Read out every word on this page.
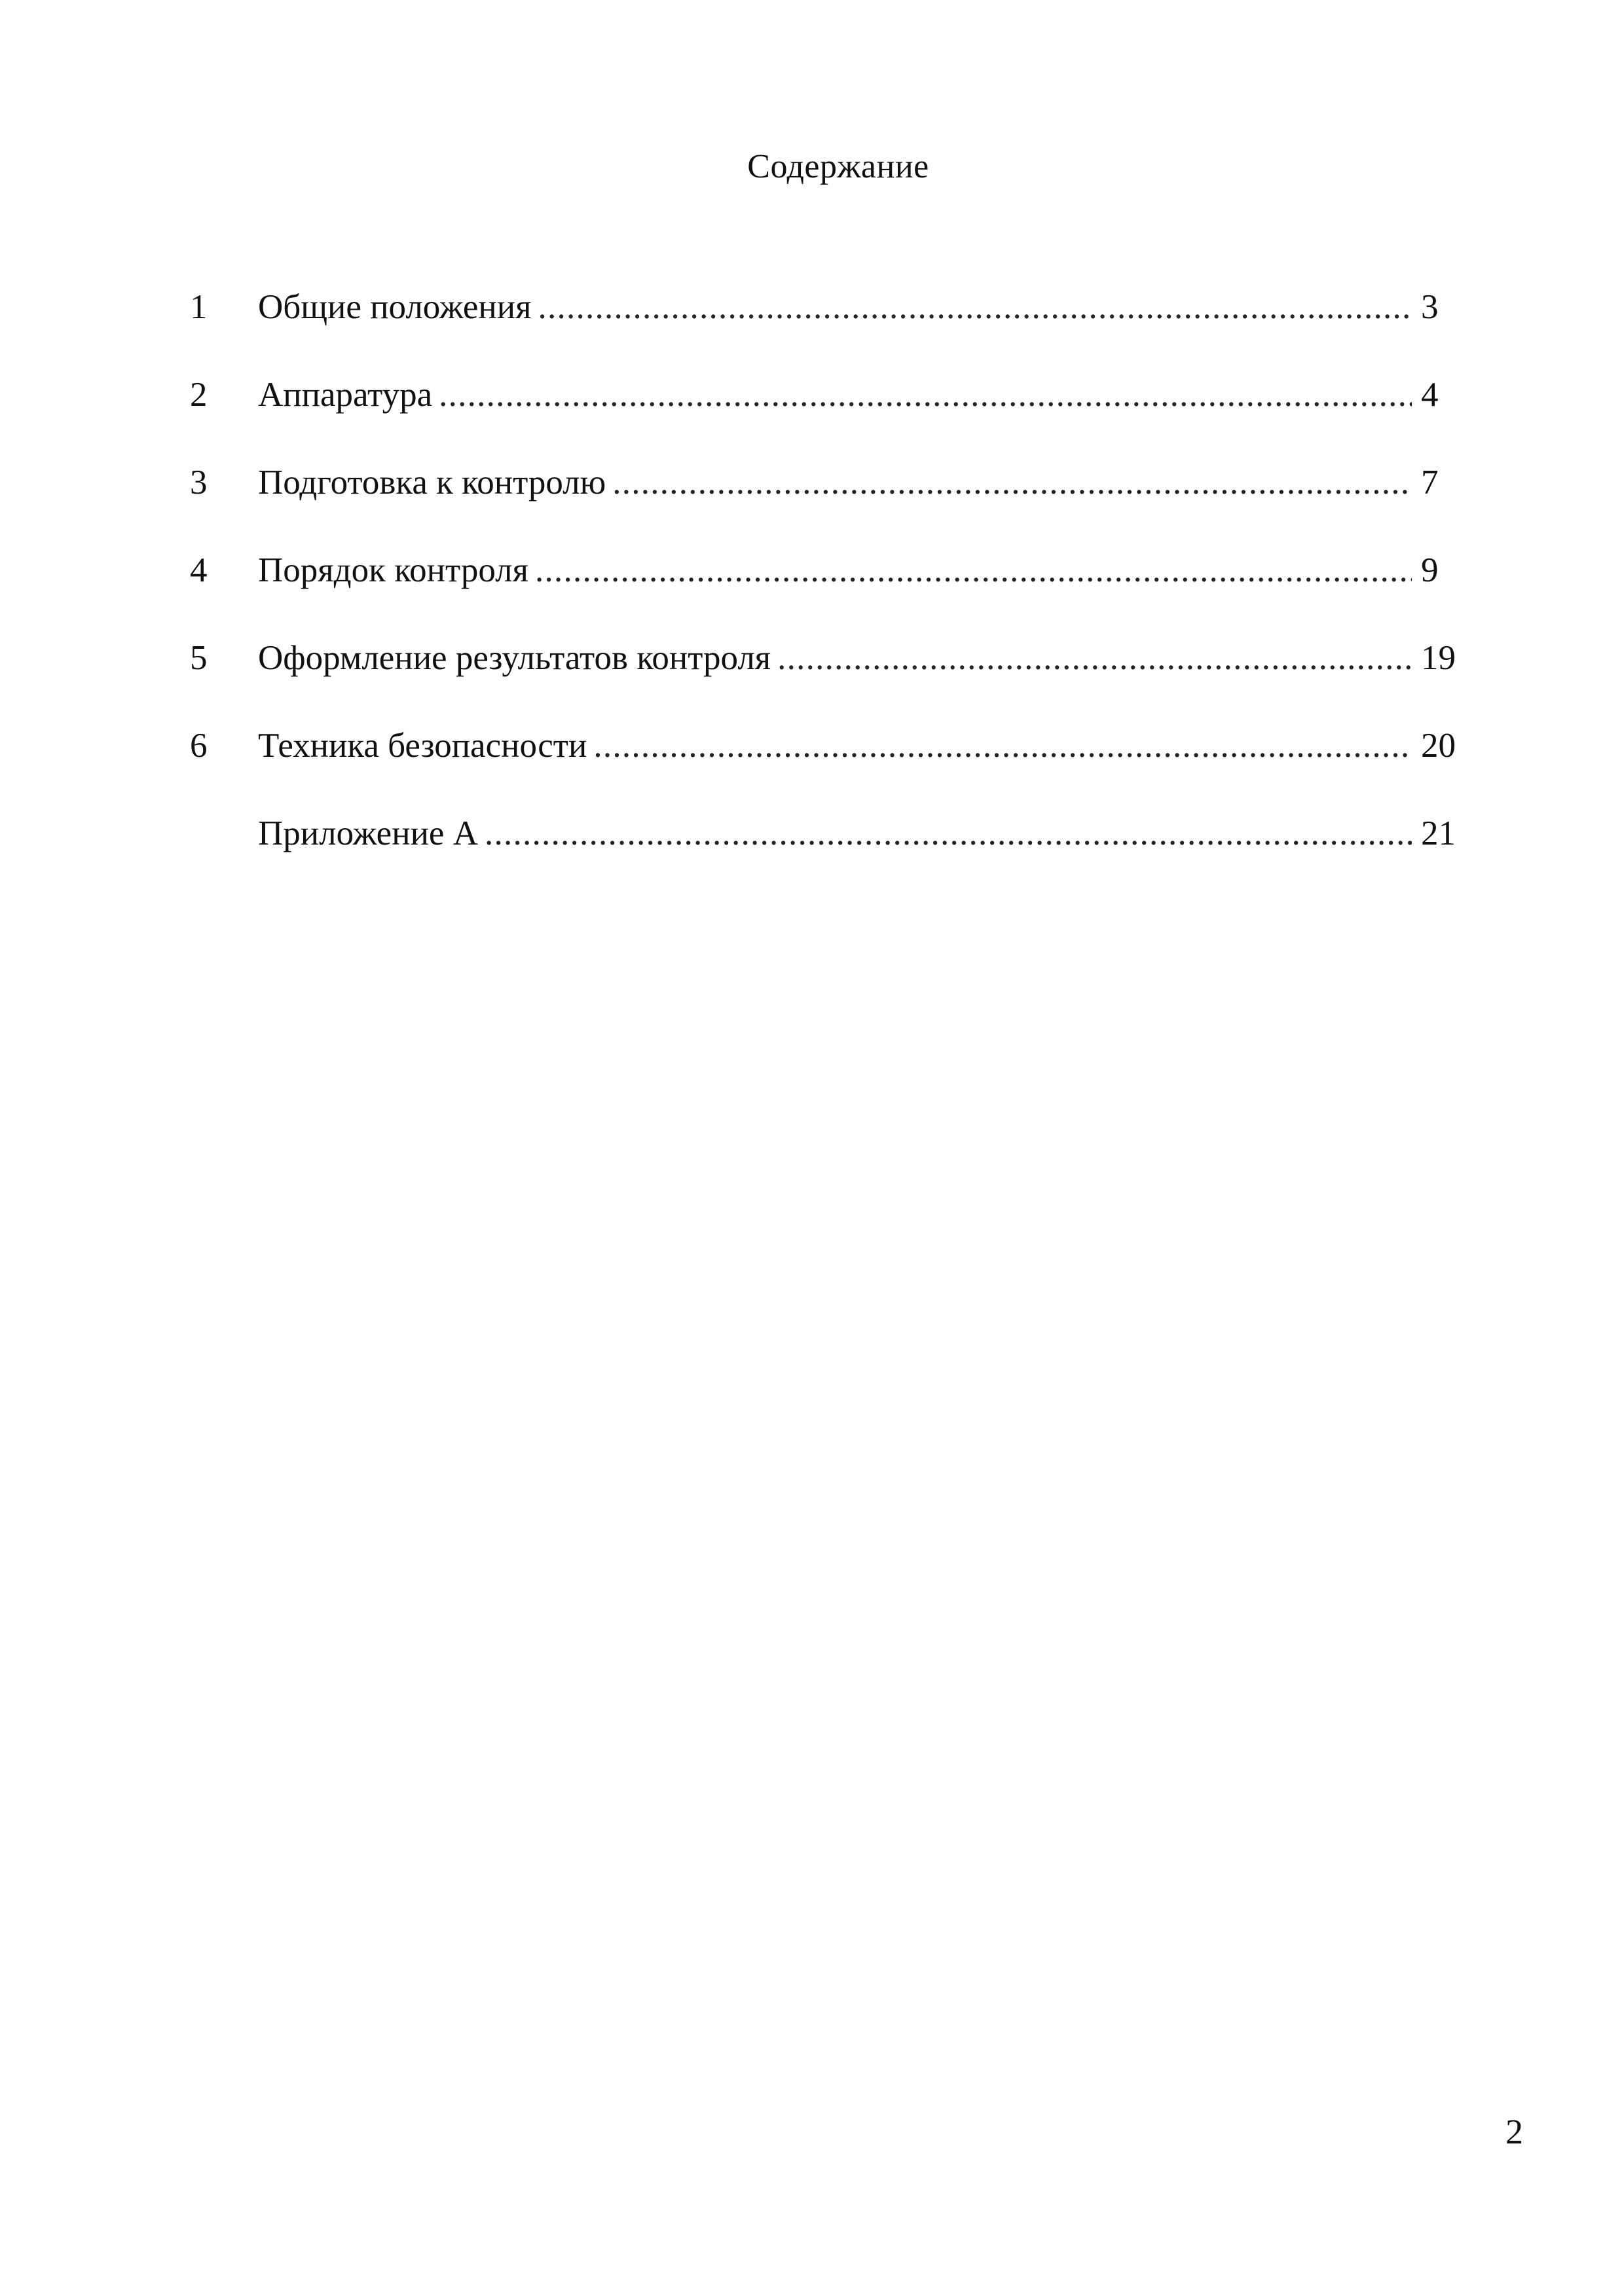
Содержание
1	Общие положения . . .	3
2	Аппаратура . . .	4
3	Подготовка к контролю . . .	7
4	Порядок контроля . . .	9
5	Оформление результатов контроля . . .	19
6	Техника безопасности . . .	20
Приложение А . . .	21
2
